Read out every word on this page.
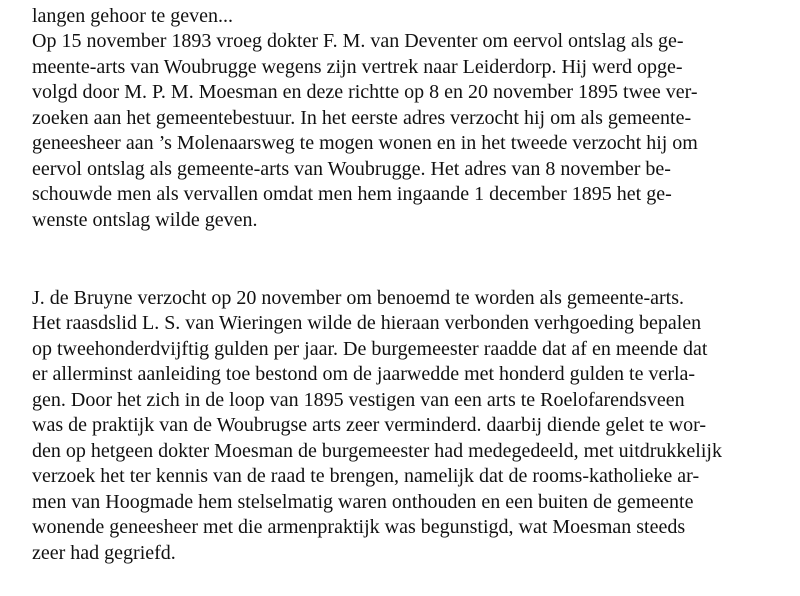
langen gehoor te geven...
Op 15 november 1893 vroeg dokter F. M. van Deventer om eervol ontslag als ge-
meente-arts van Woubrugge wegens zijn vertrek naar Leiderdorp. Hij werd opge-
volgd door M. P. M. Moesman en deze richtte op 8 en 20 november 1895 twee ver-
zoeken aan het gemeentebestuur. In het eerste adres verzocht hij om als gemeente-
geneesheer aan ’s Molenaarsweg te mogen wonen en in het tweede verzocht hij om
eervol ontslag als gemeente-arts van Woubrugge. Het adres van 8 november be-
schouwde men als vervallen omdat men hem ingaande 1 december 1895 het ge-
wenste ontslag wilde geven.
J. de Bruyne verzocht op 20 november om benoemd te worden als gemeente-arts.
Het raasdslid L. S. van Wieringen wilde de hieraan verbonden verhgoeding bepalen
op tweehonderdvijftig gulden per jaar. De burgemeester raadde dat af en meende dat
er allerminst aanleiding toe bestond om de jaarwedde met honderd gulden te verla-
gen. Door het zich in de loop van 1895 vestigen van een arts te Roelofarendsveen
was de praktijk van de Woubrugse arts zeer verminderd. daarbij diende gelet te wor-
den op hetgeen dokter Moesman de burgemeester had medegedeeld, met uitdrukkelijk
verzoek het ter kennis van de raad te brengen, namelijk dat de rooms-katholieke ar-
men van Hoogmade hem stelselmatig waren onthouden en een buiten de gemeente
wonende geneesheer met die armenpraktijk was begunstigd, wat Moesman steeds
zeer had gegriefd.
